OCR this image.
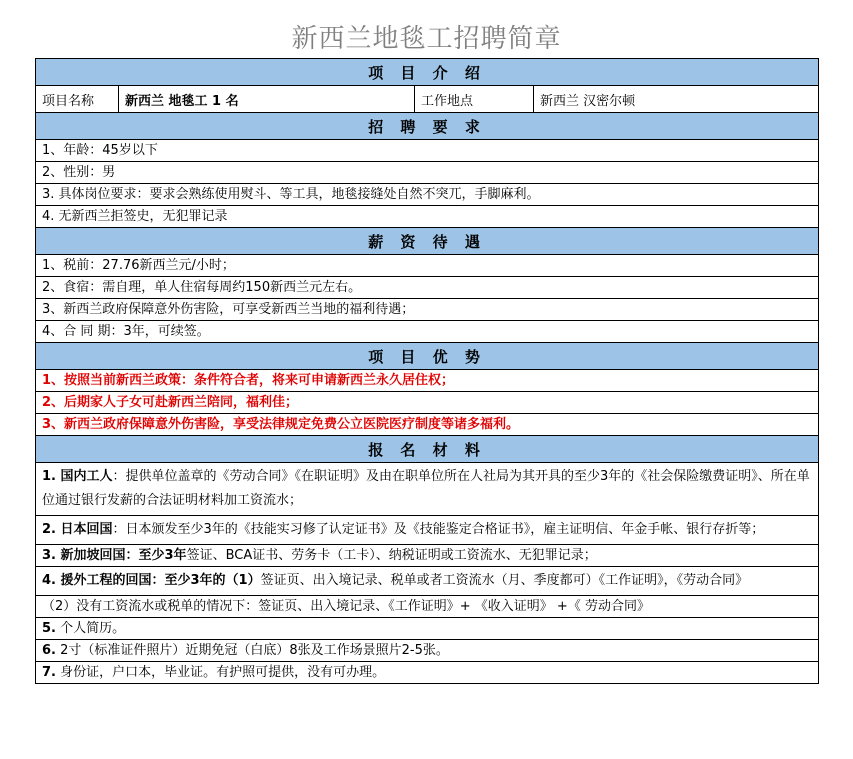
新西兰地毯工招聘简章
项 目 介 绍
项目名称	新西兰 地毯工 1 名	工作地点	新西兰 汉密尔顿
招 聘 要 求
1、年龄：45岁以下
2、性别：男
3. 具体岗位要求：要求会熟练使用熨斗、等工具，地毯接缝处自然不突兀，手脚麻利。
4. 无新西兰拒签史，无犯罪记录
薪 资 待 遇
1、税前：27.76新西兰元/小时；
2、食宿：需自理，单人住宿每周约150新西兰元左右。
3、新西兰政府保障意外伤害险，可享受新西兰当地的福利待遇；
4、合 同 期：3年，可续签。
项 目 优 势
1、按照当前新西兰政策：条件符合者，将来可申请新西兰永久居住权；
2、后期家人子女可赴新西兰陪同，福利佳；
3、新西兰政府保障意外伤害险，享受法律规定免费公立医院医疗制度等诸多福利。
报 名 材 料
1. 国内工人：提供单位盖章的《劳动合同》《在职证明》及由在职单位所在人社局为其开具的至少3年的《社会保险缴费证明》、所在单位通过银行发薪的合法证明材料加工资流水；
2. 日本回国：日本颁发至少3年的《技能实习修了认定证书》及《技能鉴定合格证书》，雇主证明信、年金手帐、银行存折等；
3. 新加坡回国：至少3年签证、BCA证书、劳务卡（工卡）、纳税证明或工资流水、无犯罪记录；
4. 援外工程的回国：至少3年的（1）签证页、出入境记录、税单或者工资流水（月、季度都可）《工作证明》，《劳动合同》
（2）没有工资流水或税单的情况下：签证页、出入境记录、《工作证明》+ 《收入证明》 +《 劳动合同》
5. 个人简历。
6. 2寸（标准证件照片）近期免冠（白底）8张及工作场景照片2-5张。
7. 身份证，户口本，毕业证。有护照可提供，没有可办理。
